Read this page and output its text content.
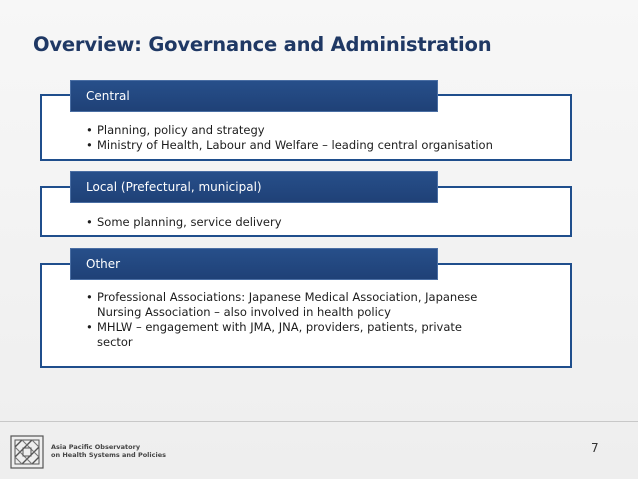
Overview: Governance and Administration
• Planning, policy and strategy
• Ministry of Health, Labour and Welfare – leading central organisation
Central
• Some planning, service delivery
Local (Prefectural, municipal)
• Professional Associations: Japanese Medical Association, Japanese Nursing Association – also involved in health policy
• MHLW – engagement with JMA, JNA, providers, patients, private sector
Other
Asia Pacific Observatory
on Health Systems and Policies	7
